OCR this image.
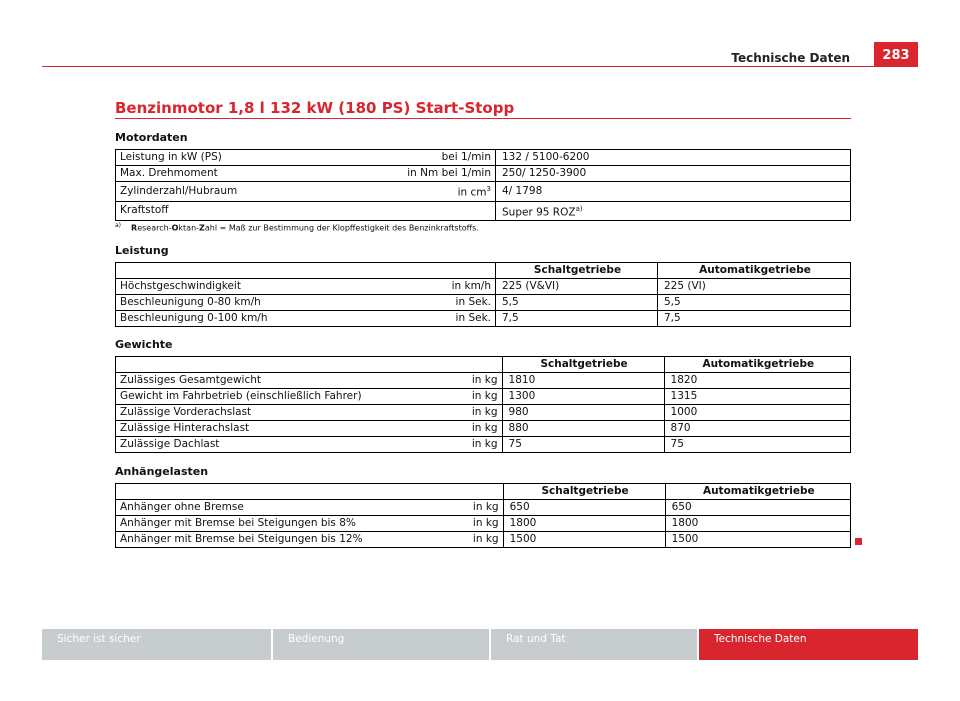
Technische Daten	283
Benzinmotor 1,8 l 132 kW (180 PS) Start-Stopp
Motordaten
Leistung in kW (PS)	bei 1/min	132 / 5100-6200
Max. Drehmoment	in Nm bei 1/min	250/ 1250-3900
Zylinderzahl/Hubraum	in $cm^3$	4/ 1798
Kraftstoff		Super 95 ROZ$^{a)}$
$^{a)}$ Research-Oktan-Zahl = Maß zur Bestimmung der Klopffestigkeit des Benzinkraftstoffs.
Leistung
		Schaltgetriebe	Automatikgetriebe
Höchstgeschwindigkeit	in km/h	225 (V&VI)	225 (VI)
Beschleunigung 0-80 km/h	in Sek.	5,5	5,5
Beschleunigung 0-100 km/h	in Sek.	7,5	7,5
Gewichte
		Schaltgetriebe	Automatikgetriebe
Zulässiges Gesamtgewicht	in kg	1810	1820
Gewicht im Fahrbetrieb (einschließlich Fahrer)	in kg	1300	1315
Zulässige Vorderachslast	in kg	980	1000
Zulässige Hinterachslast	in kg	880	870
Zulässige Dachlast	in kg	75	75
Anhängelasten
		Schaltgetriebe	Automatikgetriebe
Anhänger ohne Bremse	in kg	650	650
Anhänger mit Bremse bei Steigungen bis 8%	in kg	1800	1800
Anhänger mit Bremse bei Steigungen bis 12%	in kg	1500	1500
Sicher ist sicher	Bedienung	Rat und Tat	Technische Daten
